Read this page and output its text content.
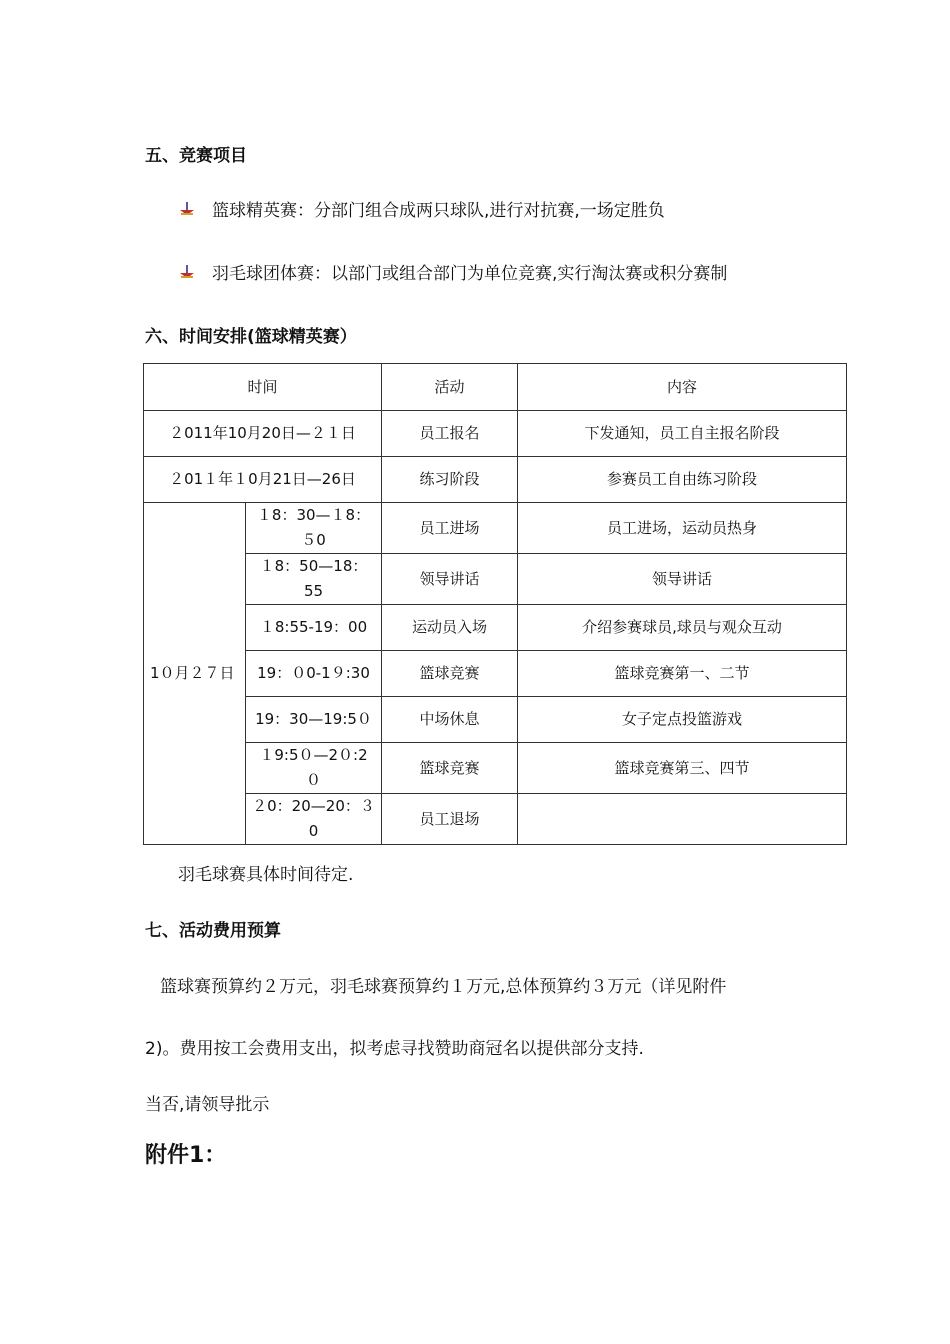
五、竞赛项目
篮球精英赛：分部门组合成两只球队,进行对抗赛,一场定胜负
羽毛球团体赛：以部门或组合部门为单位竞赛,实行淘汰赛或积分赛制
六、时间安排(篮球精英赛）
时间		活动	内容
２011年10月20日—２１日		员工报名	下发通知，员工自主报名阶段
２01１年１0月21日—26日		练习阶段	参赛员工自由练习阶段
1０月２７日	１8：30—１8：５0	员工进场	员工进场，运动员热身
	１8：50—18：55	领导讲话	领导讲话
	１8:55-19：00	运动员入场	介绍参赛球员,球员与观众互动
	19：０0-1９:30	篮球竞赛	篮球竞赛第一、二节
	19：30—19:5０	中场休息	女子定点投篮游戏
	１9:5０—2０:2０	篮球竞赛	篮球竞赛第三、四节
	２0：20—20：３0	员工退场	
羽毛球赛具体时间待定.
七、活动费用预算
篮球赛预算约２万元，羽毛球赛预算约１万元,总体预算约３万元（详见附件
2)。费用按工会费用支出，拟考虑寻找赞助商冠名以提供部分支持.
当否,请领导批示
附件1：
